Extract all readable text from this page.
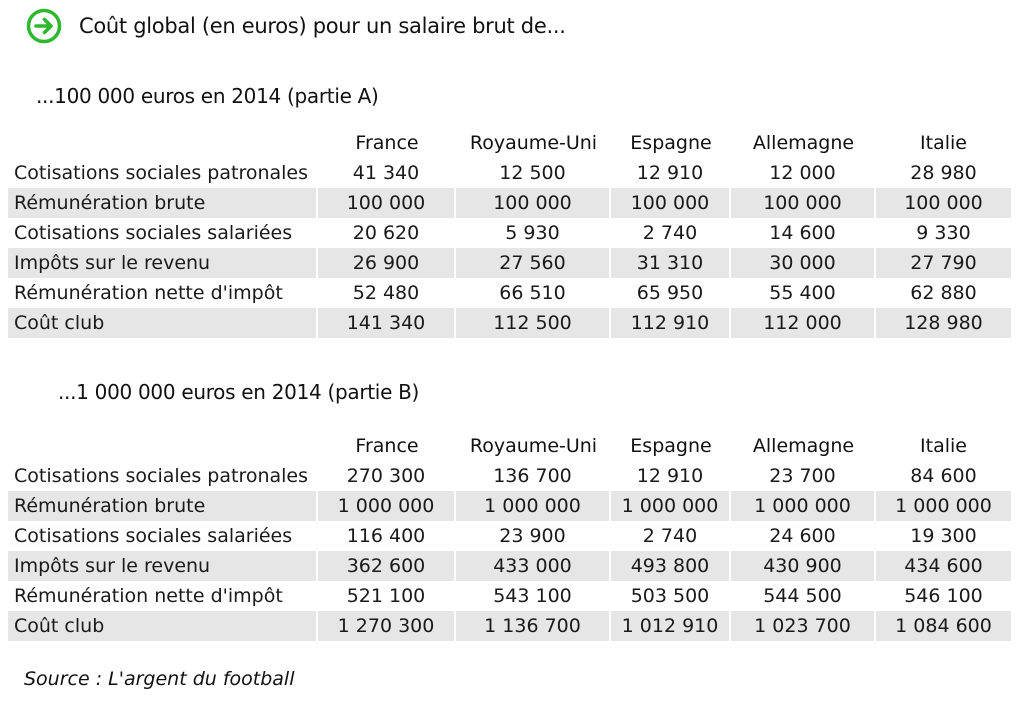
Coût global (en euros) pour un salaire brut de...
...100 000 euros en 2014 (partie A)
	France	Royaume-Uni	Espagne	Allemagne	Italie
Cotisations sociales patronales	41 340	12 500	12 910	12 000	28 980
Rémunération brute	100 000	100 000	100 000	100 000	100 000
Cotisations sociales salariées	20 620	5 930	2 740	14 600	9 330
Impôts sur le revenu	26 900	27 560	31 310	30 000	27 790
Rémunération nette d'impôt	52 480	66 510	65 950	55 400	62 880
Coût club	141 340	112 500	112 910	112 000	128 980
...1 000 000 euros en 2014 (partie B)
	France	Royaume-Uni	Espagne	Allemagne	Italie
Cotisations sociales patronales	270 300	136 700	12 910	23 700	84 600
Rémunération brute	1 000 000	1 000 000	1 000 000	1 000 000	1 000 000
Cotisations sociales salariées	116 400	23 900	2 740	24 600	19 300
Impôts sur le revenu	362 600	433 000	493 800	430 900	434 600
Rémunération nette d'impôt	521 100	543 100	503 500	544 500	546 100
Coût club	1 270 300	1 136 700	1 012 910	1 023 700	1 084 600
Source : L'argent du football
